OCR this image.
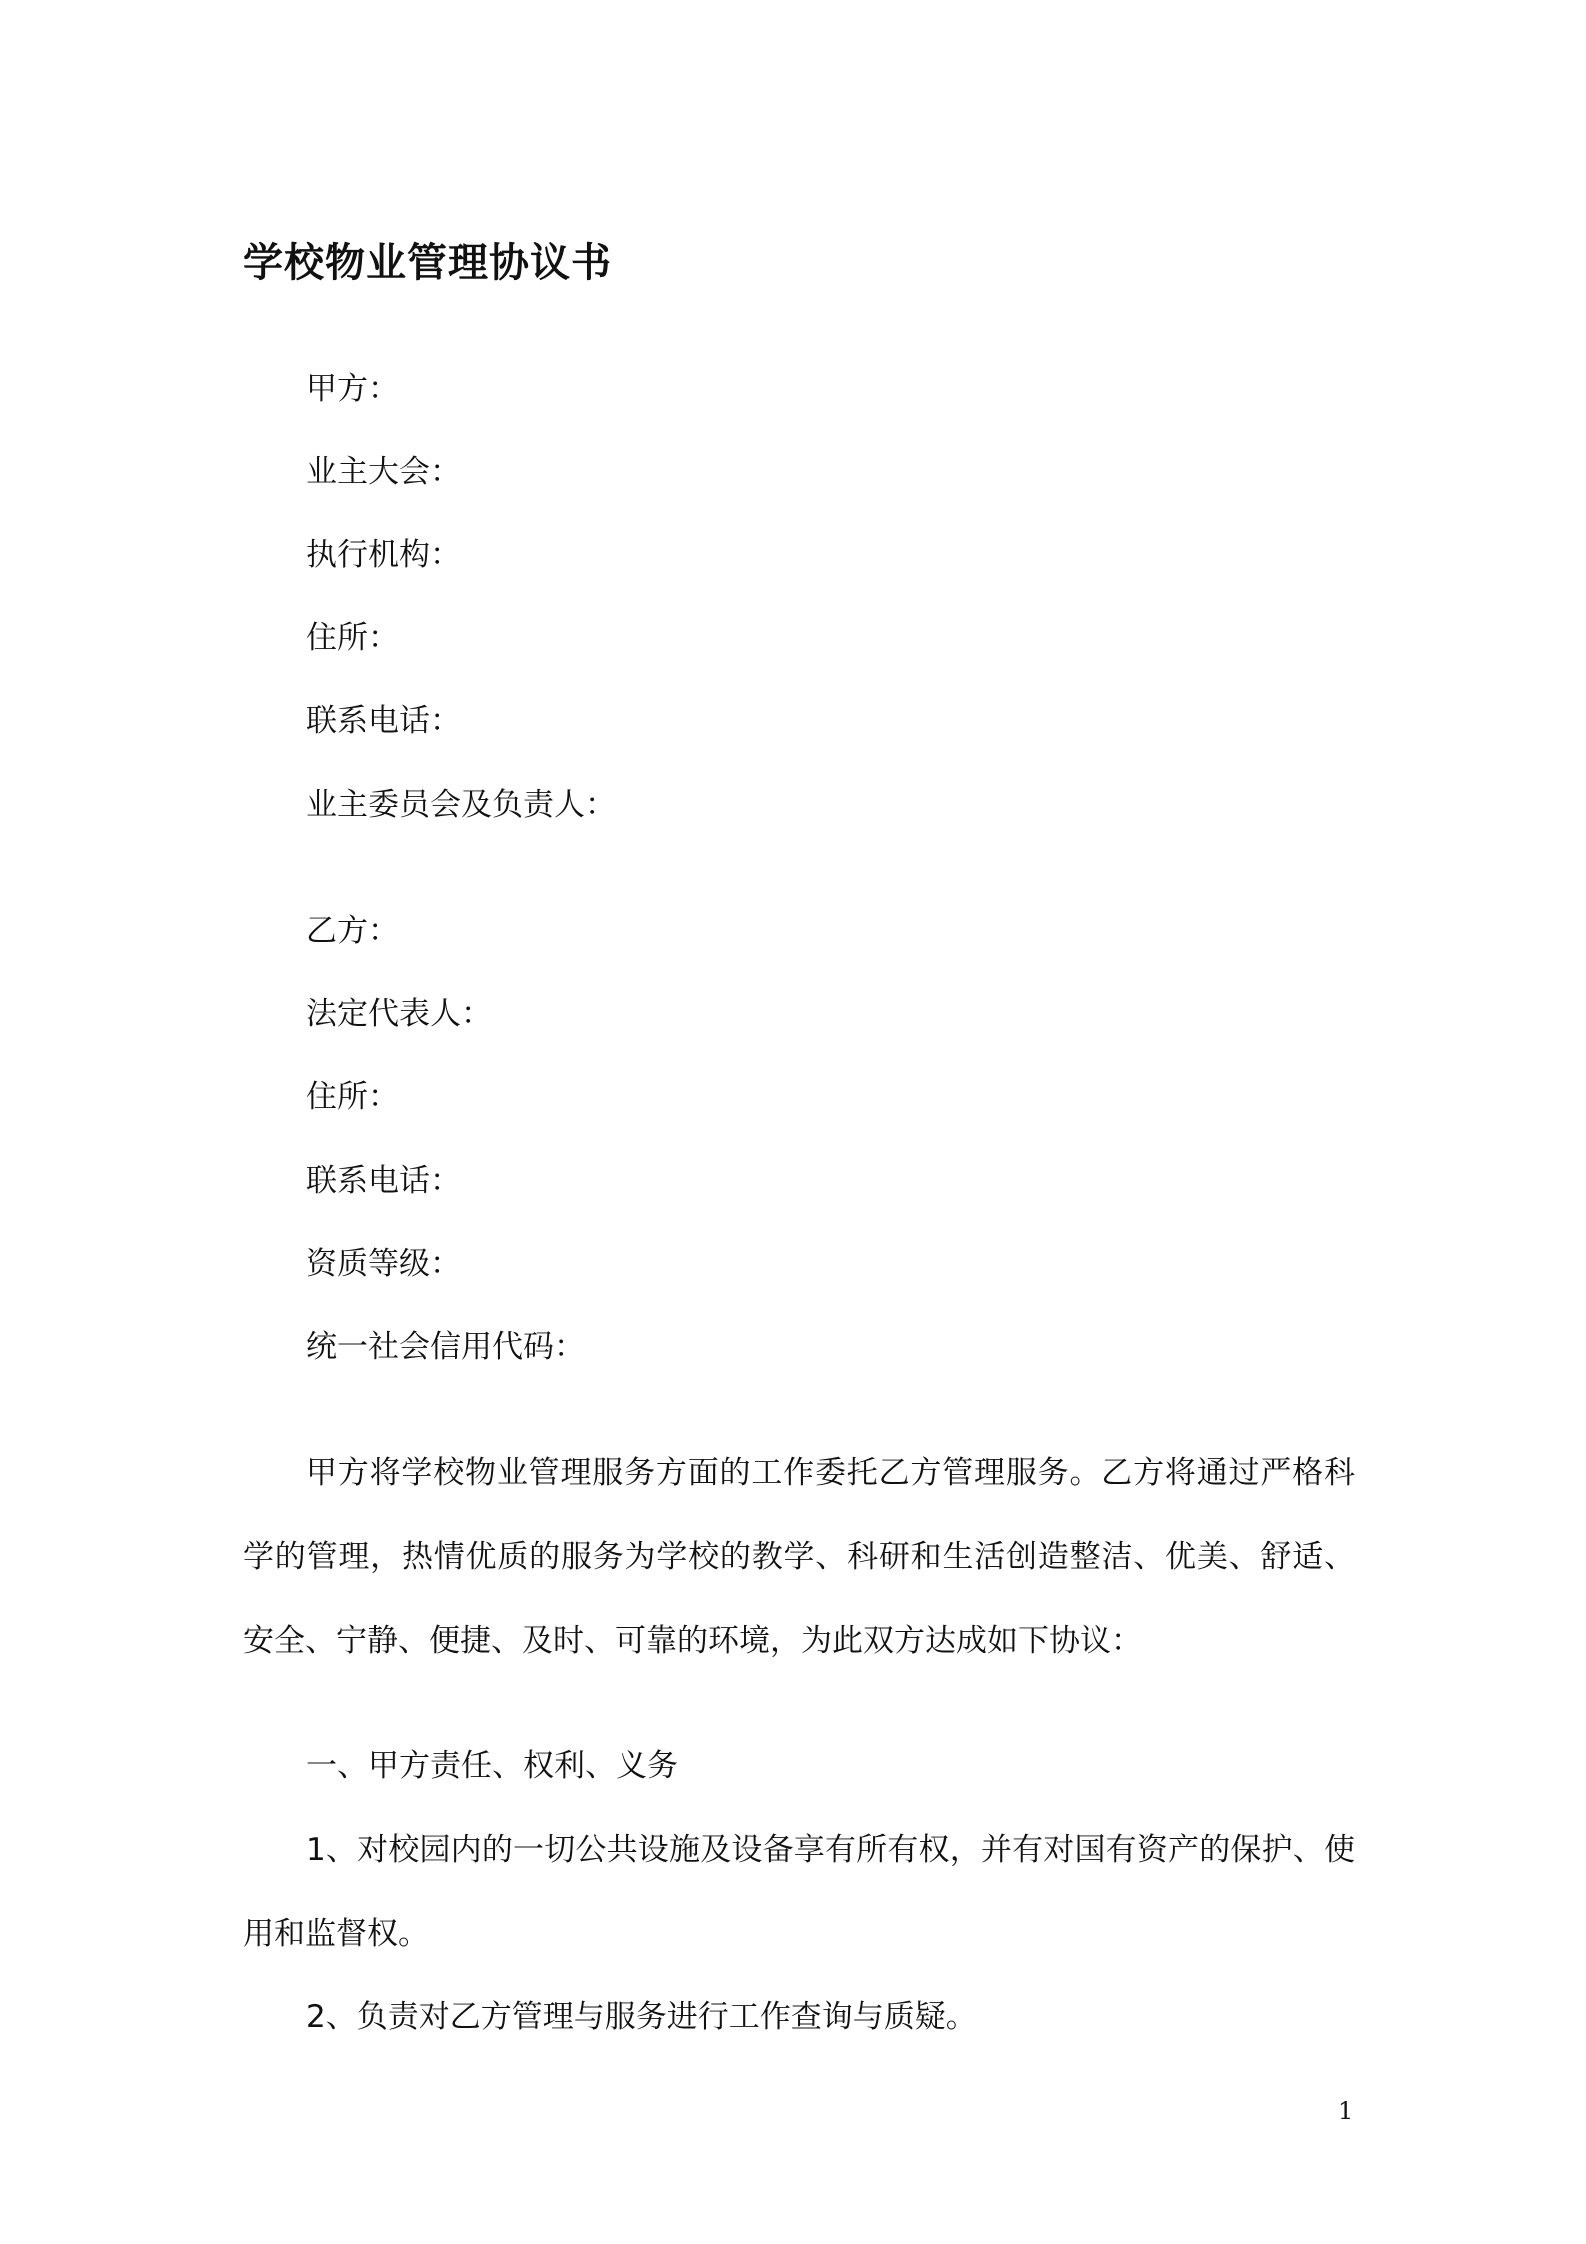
学校物业管理协议书
甲方：
业主大会：
执行机构：
住所：
联系电话：
业主委员会及负责人：
乙方：
法定代表人：
住所：
联系电话：
资质等级：
统一社会信用代码：

甲方将学校物业管理服务方面的工作委托乙方管理服务。乙方将通过严格科学的管理，热情优质的服务为学校的教学、科研和生活创造整洁、优美、舒适、安全、宁静、便捷、及时、可靠的环境，为此双方达成如下协议：

一、甲方责任、权利、义务

1、对校园内的一切公共设施及设备享有所有权，并有对国有资产的保护、使用和监督权。

2、负责对乙方管理与服务进行工作查询与质疑。
1
